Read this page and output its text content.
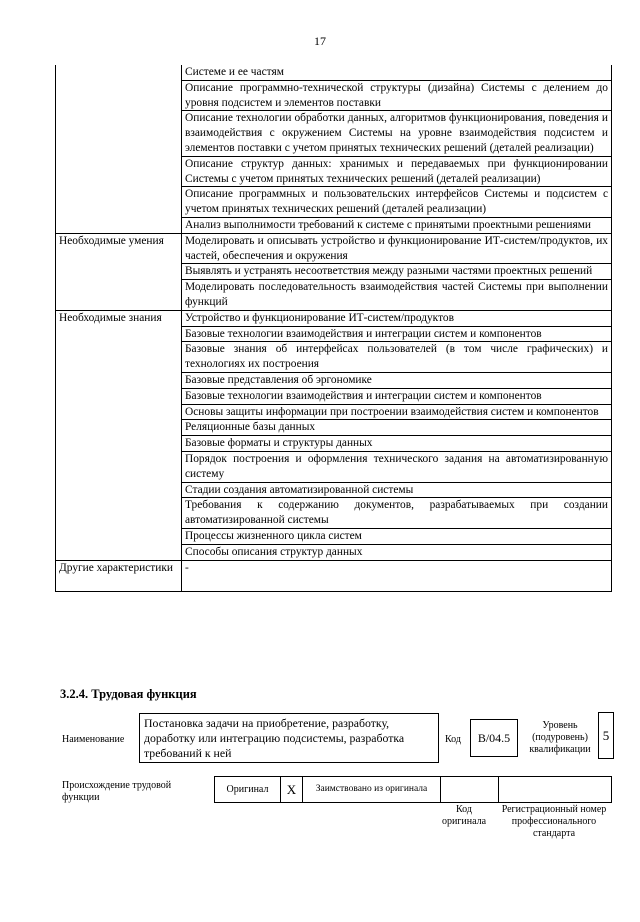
17
	Системе и ее частям
	Описание программно-технической структуры (дизайна) Системы с делением до уровня подсистем и элементов поставки
	Описание технологии обработки данных, алгоритмов функционирования, поведения и взаимодействия с окружением Системы на уровне взаимодействия подсистем и элементов поставки с учетом принятых технических решений (деталей реализации)
	Описание структур данных: хранимых и передаваемых при функционировании Системы с учетом принятых технических решений (деталей реализации)
	Описание программных и пользовательских интерфейсов Системы и подсистем с учетом принятых технических решений (деталей реализации)
	Анализ выполнимости требований к системе с принятыми проектными решениями
Необходимые умения	Моделировать и описывать устройство и функционирование ИТ-систем/продуктов, их частей, обеспечения и окружения
	Выявлять и устранять несоответствия между разными частями проектных решений
	Моделировать последовательность взаимодействия частей Системы при выполнении функций
Необходимые знания	Устройство и функционирование ИТ-систем/продуктов
	Базовые технологии взаимодействия и интеграции систем и компонентов
	Базовые знания об интерфейсах пользователей (в том числе графических) и технологиях их построения
	Базовые представления об эргономике
	Базовые технологии взаимодействия и интеграции систем и компонентов
	Основы защиты информации при построении взаимодействия систем и компонентов
	Реляционные базы данных
	Базовые форматы и структуры данных
	Порядок построения и оформления технического задания на автоматизированную систему
	Стадии создания автоматизированной системы
	Требования к содержанию документов, разрабатываемых при создании автоматизированной системы
	Процессы жизненного цикла систем
	Способы описания структур данных
Другие характеристики	-
3.2.4. Трудовая функция
Наименование
Постановка задачи на приобретение, разработку, доработку или интеграцию подсистемы, разработка требований к ней
Код B/04.5
Уровень (подуровень) квалификации
5
Происхождение трудовой функции
Оригинал	X	Заимствовано из оригинала		
Код оригинала
Регистрационный номер профессионального стандарта
